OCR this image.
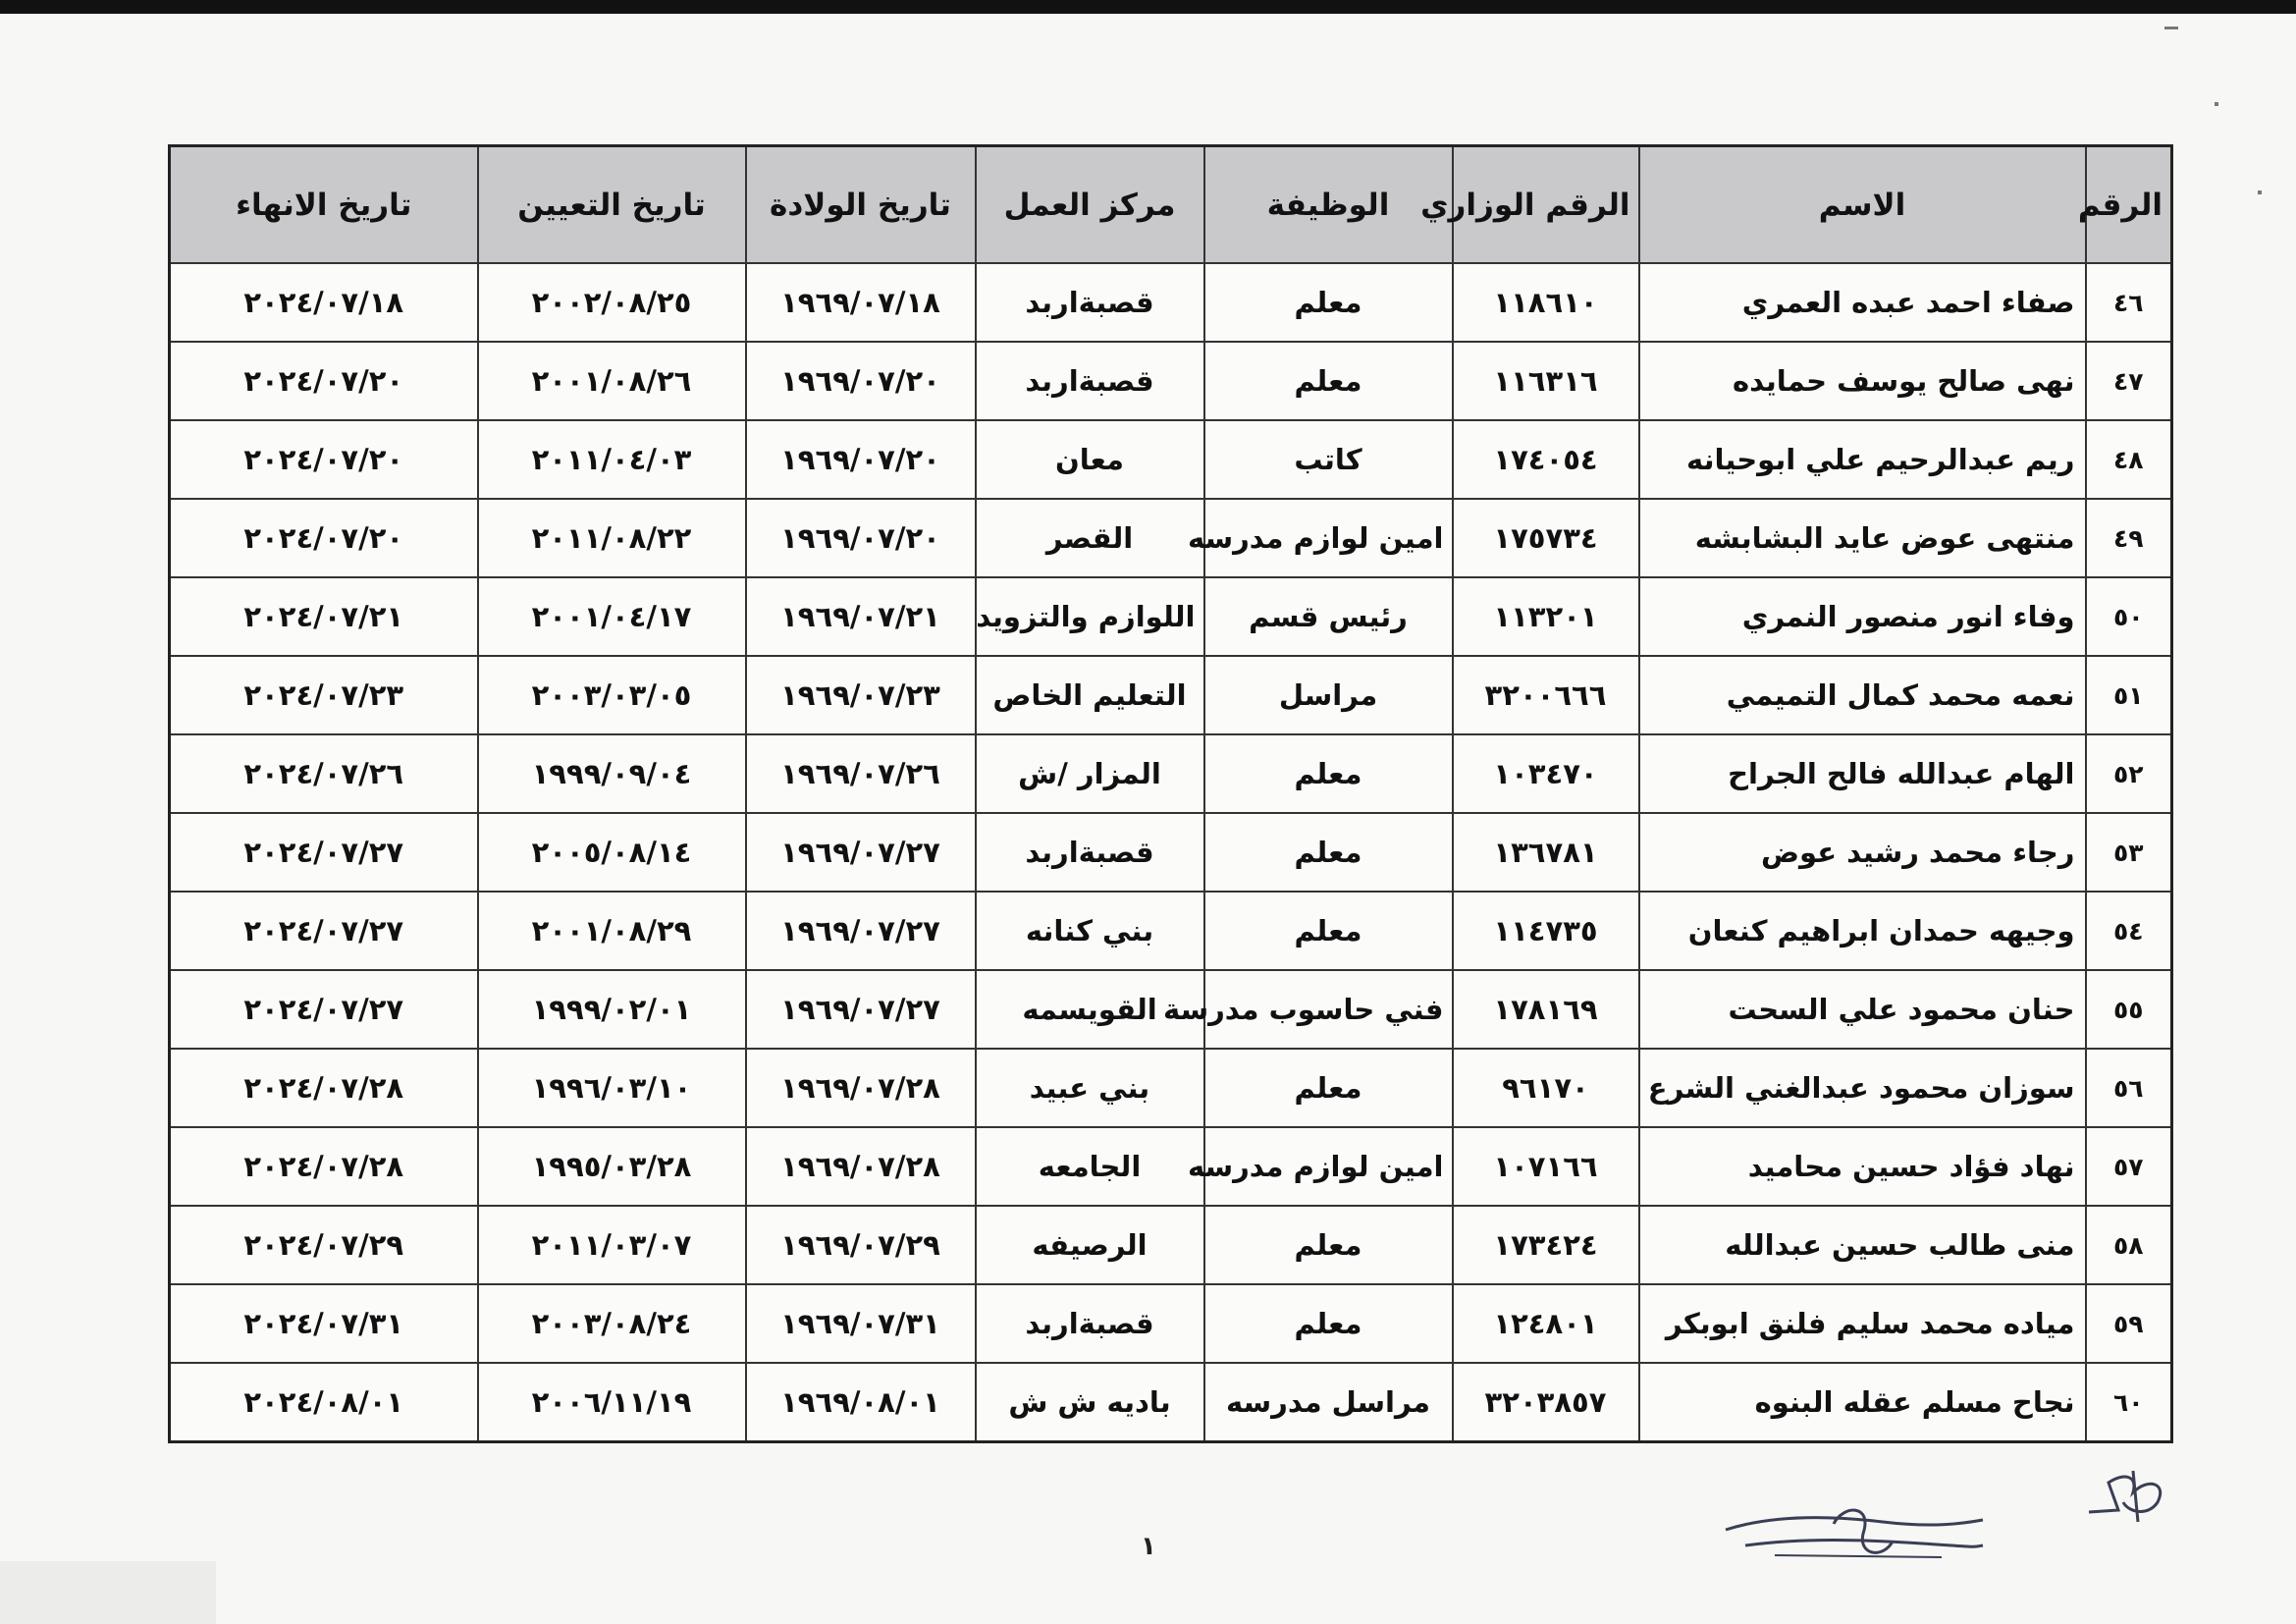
الرقم	الاسم	الرقم الوزاري	الوظيفة	مركز العمل	تاريخ الولادة	تاريخ التعيين	تاريخ الانهاء
٤٦	صفاء احمد عبده العمري	١١٨٦١٠	معلم	قصبةاربد	١٩٦٩/٠٧/١٨	٢٠٠٢/٠٨/٢٥	٢٠٢٤/٠٧/١٨
٤٧	نهى صالح يوسف حمايده	١١٦٣١٦	معلم	قصبةاربد	١٩٦٩/٠٧/٢٠	٢٠٠١/٠٨/٢٦	٢٠٢٤/٠٧/٢٠
٤٨	ريم عبدالرحيم علي ابوحيانه	١٧٤٠٥٤	كاتب	معان	١٩٦٩/٠٧/٢٠	٢٠١١/٠٤/٠٣	٢٠٢٤/٠٧/٢٠
٤٩	منتهى عوض عايد البشابشه	١٧٥٧٣٤	امين لوازم مدرسه	القصر	١٩٦٩/٠٧/٢٠	٢٠١١/٠٨/٢٢	٢٠٢٤/٠٧/٢٠
٥٠	وفاء انور منصور النمري	١١٣٢٠١	رئيس قسم	اللوازم والتزويد	١٩٦٩/٠٧/٢١	٢٠٠١/٠٤/١٧	٢٠٢٤/٠٧/٢١
٥١	نعمه محمد كمال التميمي	٣٢٠٠٦٦٦	مراسل	التعليم الخاص	١٩٦٩/٠٧/٢٣	٢٠٠٣/٠٣/٠٥	٢٠٢٤/٠٧/٢٣
٥٢	الهام عبدالله فالح الجراح	١٠٣٤٧٠	معلم	المزار /ش	١٩٦٩/٠٧/٢٦	١٩٩٩/٠٩/٠٤	٢٠٢٤/٠٧/٢٦
٥٣	رجاء محمد رشيد عوض	١٣٦٧٨١	معلم	قصبةاربد	١٩٦٩/٠٧/٢٧	٢٠٠٥/٠٨/١٤	٢٠٢٤/٠٧/٢٧
٥٤	وجيهه حمدان ابراهيم كنعان	١١٤٧٣٥	معلم	بني كنانه	١٩٦٩/٠٧/٢٧	٢٠٠١/٠٨/٢٩	٢٠٢٤/٠٧/٢٧
٥٥	حنان محمود علي السحت	١٧٨١٦٩	فني حاسوب مدرسة	القويسمه	١٩٦٩/٠٧/٢٧	١٩٩٩/٠٢/٠١	٢٠٢٤/٠٧/٢٧
٥٦	سوزان محمود عبدالغني الشرع	٩٦١٧٠	معلم	بني عبيد	١٩٦٩/٠٧/٢٨	١٩٩٦/٠٣/١٠	٢٠٢٤/٠٧/٢٨
٥٧	نهاد فؤاد حسين محاميد	١٠٧١٦٦	امين لوازم مدرسه	الجامعه	١٩٦٩/٠٧/٢٨	١٩٩٥/٠٣/٢٨	٢٠٢٤/٠٧/٢٨
٥٨	منى طالب حسين عبدالله	١٧٣٤٢٤	معلم	الرصيفه	١٩٦٩/٠٧/٢٩	٢٠١١/٠٣/٠٧	٢٠٢٤/٠٧/٢٩
٥٩	مياده محمد سليم فلنق ابوبكر	١٢٤٨٠١	معلم	قصبةاربد	١٩٦٩/٠٧/٣١	٢٠٠٣/٠٨/٢٤	٢٠٢٤/٠٧/٣١
٦٠	نجاح مسلم عقله البنوه	٣٢٠٣٨٥٧	مراسل مدرسه	باديه ش ش	١٩٦٩/٠٨/٠١	٢٠٠٦/١١/١٩	٢٠٢٤/٠٨/٠١
١
